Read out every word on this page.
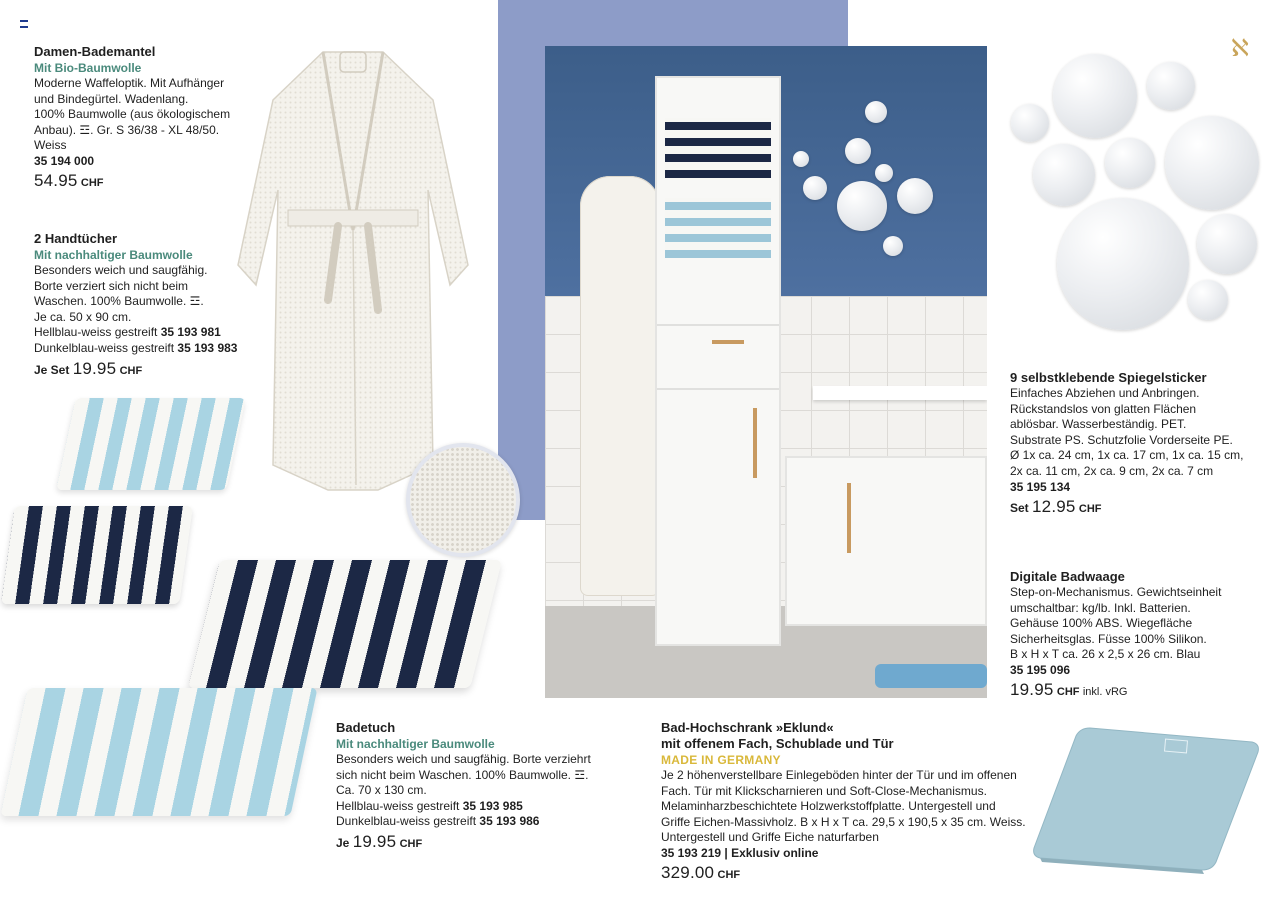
Damen-Bademantel

Mit Bio-Baumwolle

Moderne Waffeloptik. Mit Aufhänger

und Bindegürtel. Wadenlang.

100% Baumwolle (aus ökologischem

Anbau). ☲. Gr. S 36/38 - XL 48/50.

Weiss

35 194 000

54.95 CHF

2 Handtücher

Mit nachhaltiger Baumwolle

Besonders weich und saugfähig.

Borte verziert sich nicht beim

Waschen. 100% Baumwolle. ☲.

Je ca. 50 x 90 cm.

Hellblau-weiss gestreift 35 193 981

Dunkelblau-weiss gestreift 35 193 983

Je Set 19.95 CHF

Badetuch

Mit nachhaltiger Baumwolle

Besonders weich und saugfähig. Borte verziehrt

sich nicht beim Waschen. 100% Baumwolle. ☲.

Ca. 70 x 130 cm.

Hellblau-weiss gestreift 35 193 985

Dunkelblau-weiss gestreift 35 193 986

Je 19.95 CHF

Bad-Hochschrank »Eklund«

mit offenem Fach, Schublade und Tür

MADE IN GERMANY

Je 2 höhenverstellbare Einlegeböden hinter der Tür und im offenen

Fach. Tür mit Klickscharnieren und Soft-Close-Mechanismus.

Melaminharzbeschichtete Holzwerkstoffplatte. Untergestell und

Griffe Eichen-Massivholz. B x H x T ca. 29,5 x 190,5 x 35 cm. Weiss.

Untergestell und Griffe Eiche naturfarben

35 193 219 | Exklusiv online

329.00 CHF

ℵ

9 selbstklebende Spiegelsticker

Einfaches Abziehen und Anbringen.

Rückstandslos von glatten Flächen

ablösbar. Wasserbeständig. PET.

Substrate PS. Schutzfolie Vorderseite PE.

Ø 1x ca. 24 cm, 1x ca. 17 cm, 1x ca. 15 cm,

2x ca. 11 cm, 2x ca. 9 cm, 2x ca. 7 cm

35 195 134

Set 12.95 CHF

Digitale Badwaage

Step-on-Mechanismus. Gewichtseinheit

umschaltbar: kg/lb. Inkl. Batterien.

Gehäuse 100% ABS. Wiegefläche

Sicherheitsglas. Füsse 100% Silikon.

B x H x T ca. 26 x 2,5 x 26 cm. Blau

35 195 096

19.95 CHF inkl. vRG
